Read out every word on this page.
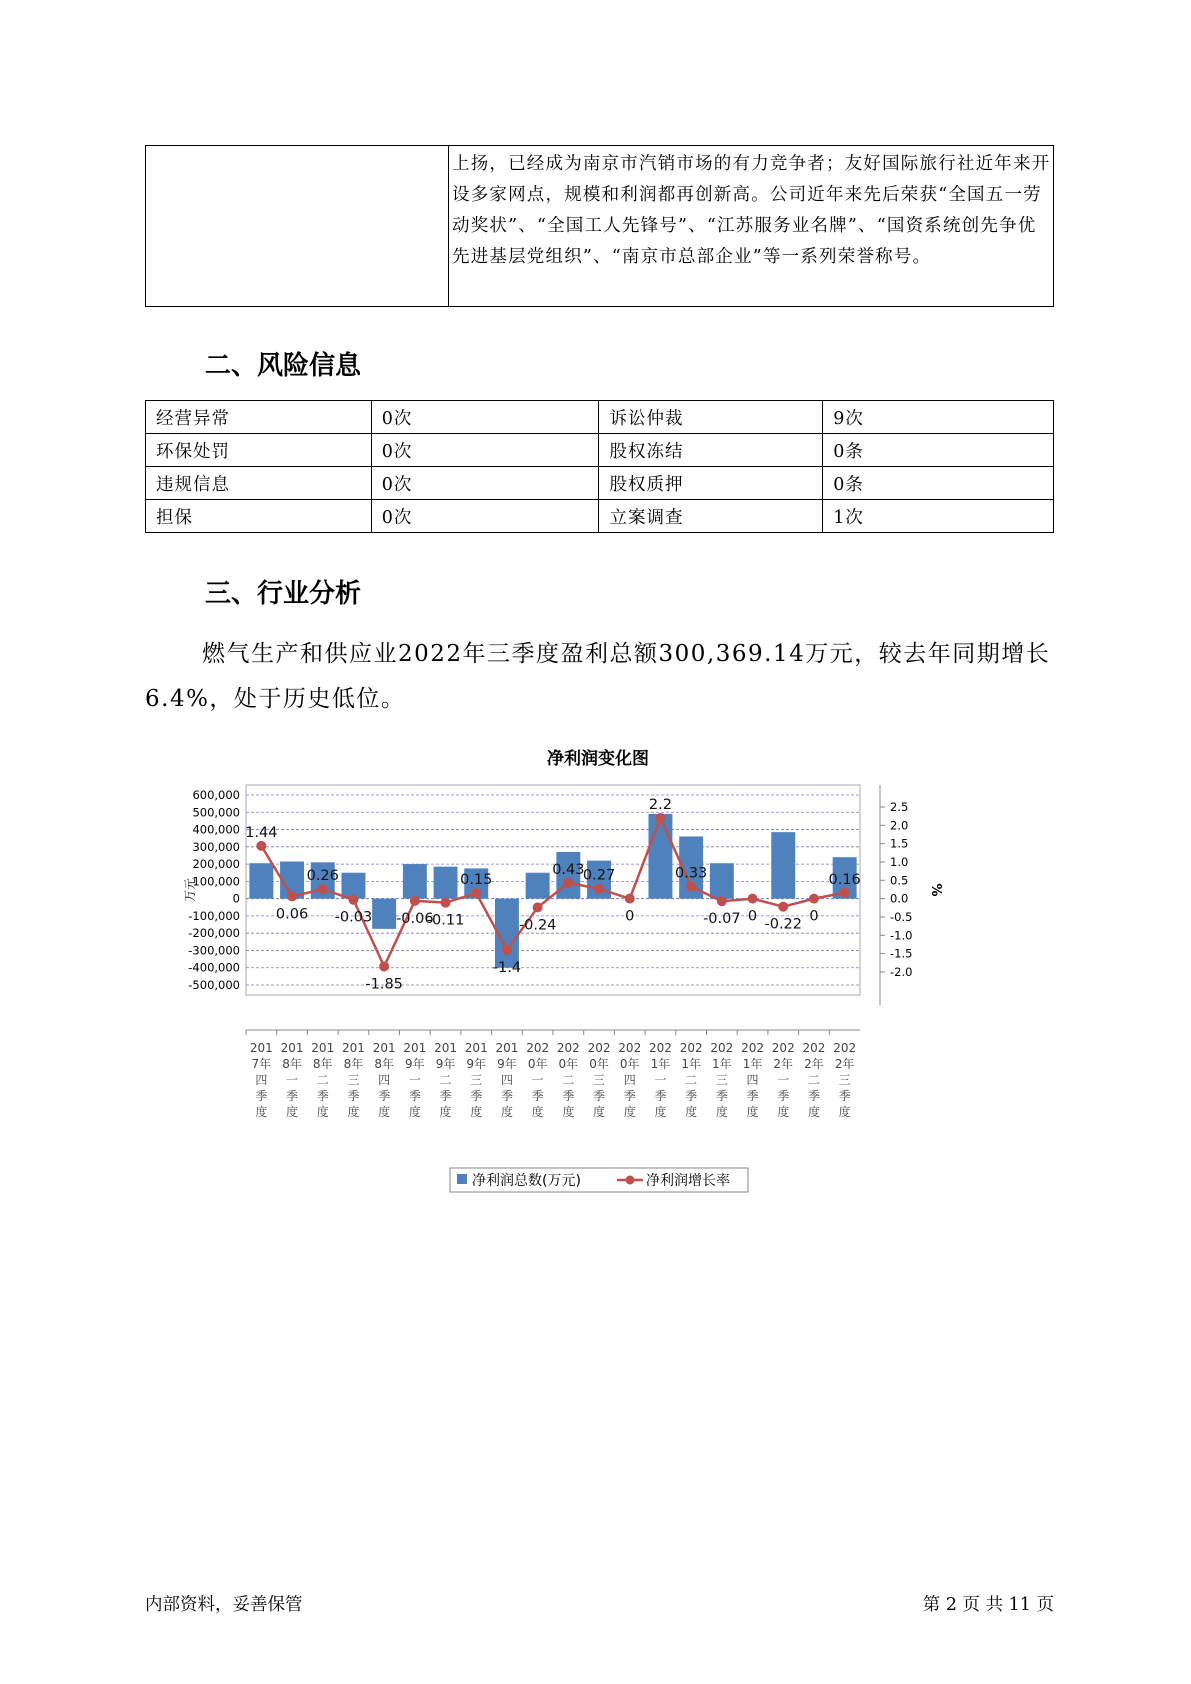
上扬，已经成为南京市汽销市场的有力竞争者；友好国际旅行社近年来开设多家网点，规模和利润都再创新高。公司近年来先后荣获“全国五一劳动奖状”、“全国工人先锋号”、“江苏服务业名牌”、“国资系统创先争优先进基层党组织”、“南京市总部企业”等一系列荣誉称号。
二、风险信息
经营异常	0次	诉讼仲裁	9次
环保处罚	0次	股权冻结	0条
违规信息	0次	股权质押	0条
担保	0次	立案调查	1次
三、行业分析
燃气生产和供应业2022年三季度盈利总额300,369.14万元，较去年同期增长6.4%，处于历史低位。
净利润变化图
600,000
500,000
400,000
300,000
200,000
100,000
0
-100,000
-200,000
-300,000
-400,000
-500,000
万元
2.5
2.0
1.5
1.0
0.5
0.0
-0.5
-1.0
-1.5
-2.0
%
201
7年
四
季
度
201
8年
一
季
度
201
8年
二
季
度
201
8年
三
季
度
201
8年
四
季
度
201
9年
一
季
度
201
9年
二
季
度
201
9年
三
季
度
201
9年
四
季
度
202
0年
一
季
度
202
0年
二
季
度
202
0年
三
季
度
202
0年
四
季
度
202
1年
一
季
度
202
1年
二
季
度
202
1年
三
季
度
202
1年
四
季
度
202
2年
一
季
度
202
2年
二
季
度
202
2年
三
季
度
1.44
0.06
0.26
-0.03
-1.85
-0.06
-0.11
0.15
-1.4
-0.24
0.43
0.27
0
2.2
0.33
-0.07 0
-0.22
0
0.16
净利润总数(万元)	净利润增长率
内部资料，妥善保管	第 2 页 共 11 页
